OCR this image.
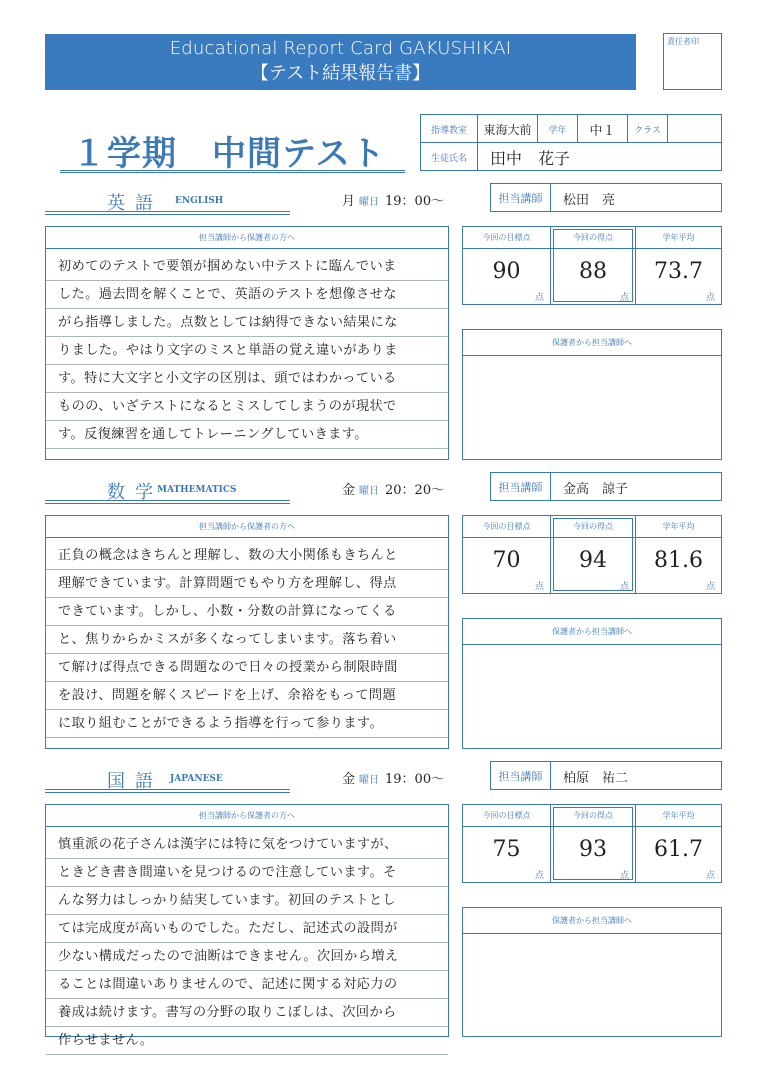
Educational Report Card GAKUSHIKAI
【テスト結果報告書】
責任者印
１学期　中間テスト
指導教室	東海大前	学年	中１	クラス
生徒氏名	田中　花子
英語 ENGLISH	月 曜日 19：00～	担当講師	松田　亮
担当講師から保護者の方へ
初めてのテストで要領が掴めない中テストに臨んでいま
した。過去問を解くことで、英語のテストを想像させな
がら指導しました。点数としては納得できない結果にな
りました。やはり文字のミスと単語の覚え違いがありま
す。特に大文字と小文字の区別は、頭ではわかっている
ものの、いざテストになるとミスしてしまうのが現状で
す。反復練習を通してトレーニングしていきます。
今回の目標点
90
点
今回の得点
88
点
学年平均
73.7
点
保護者から担当講師へ
数学
MATHEMATICS	金 曜日 20：20～	担当講師	金高　諒子
担当講師から保護者の方へ
正負の概念はきちんと理解し、数の大小関係もきちんと
理解できています。計算問題でもやり方を理解し、得点
できています。しかし、小数・分数の計算になってくる
と、焦りからかミスが多くなってしまいます。落ち着い
て解けば得点できる問題なので日々の授業から制限時間
を設け、問題を解くスピードを上げ、余裕をもって問題
に取り組むことができるよう指導を行って参ります。
今回の目標点
70
点
今回の得点
94
点
学年平均
81.6
点
保護者から担当講師へ
国語 JAPANESE	金 曜日 19：00～	担当講師	柏原　祐二
担当講師から保護者の方へ
慎重派の花子さんは漢字には特に気をつけていますが、
ときどき書き間違いを見つけるので注意しています。そ
んな努力はしっかり結実しています。初回のテストとし
ては完成度が高いものでした。ただし、記述式の設問が
少ない構成だったので油断はできません。次回から増え
ることは間違いありませんので、記述に関する対応力の
養成は続けます。書写の分野の取りこぼしは、次回から
作らせません。
今回の目標点
75
点
今回の得点
93
点
学年平均
61.7
点
保護者から担当講師へ
